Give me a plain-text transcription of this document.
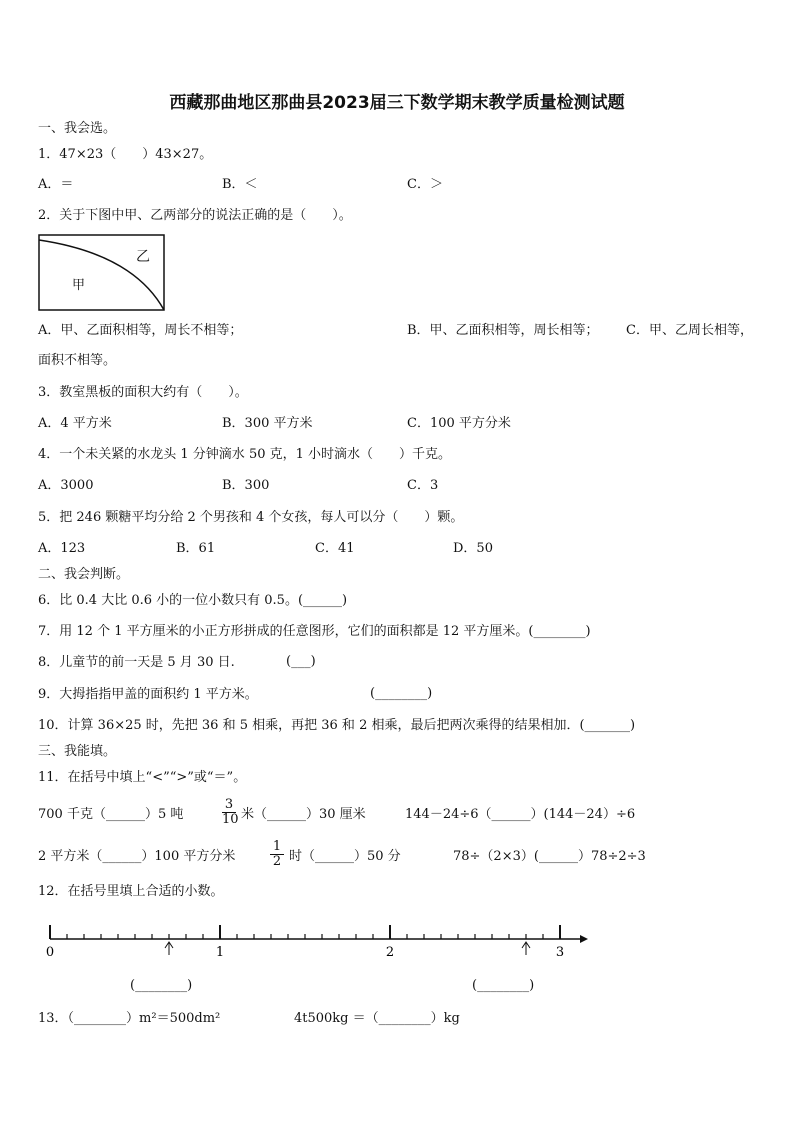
西藏那曲地区那曲县2023届三下数学期末教学质量检测试题
一、我会选。
1．47×23（　　）43×27。
A．＝	B．＜	C．＞
2．关于下图中甲、乙两部分的说法正确的是（　　）。
乙
甲
A．甲、乙面积相等，周长不相等；	B．甲、乙面积相等，周长相等； C．甲、乙周长相等，
面积不相等。
3．教室黑板的面积大约有（　　）。
A．4 平方米	B．300 平方米	C．100 平方分米
4．一个未关紧的水龙头 1 分钟滴水 50 克，1 小时滴水（　　）千克。
A．3000	B．300	C．3
5．把 246 颗糖平均分给 2 个男孩和 4 个女孩，每人可以分（　　）颗。
A．123	B．61	C．41	D．50
二、我会判断。
6．比 0.4 大比 0.6 小的一位小数只有 0.5。(______)
7．用 12 个 1 平方厘米的小正方形拼成的任意图形，它们的面积都是 12 平方厘米。(________)
8．儿童节的前一天是 5 月 30 日.	(___)
9．大拇指指甲盖的面积约 1 平方米。	(________)
10．计算 36×25 时，先把 36 和 5 相乘，再把 36 和 2 相乘，最后把两次乘得的结果相加．(_______)
三、我能填。
11．在括号中填上“<”“>”或“＝”。
700 千克（______）5 吨	$\frac{3}{10}$ 米（______）30 厘米	144－24÷6（______）(144－24）÷6
2 平方米（______）100 平方分米	$\frac{1}{2}$ 时（______）50 分	78÷（2×3）(______）78÷2÷3
12．在括号里填上合适的小数。
0	1	2	3
(________)	(________)
13．（________）m²＝500dm²	4t500kg ＝（________）kg
